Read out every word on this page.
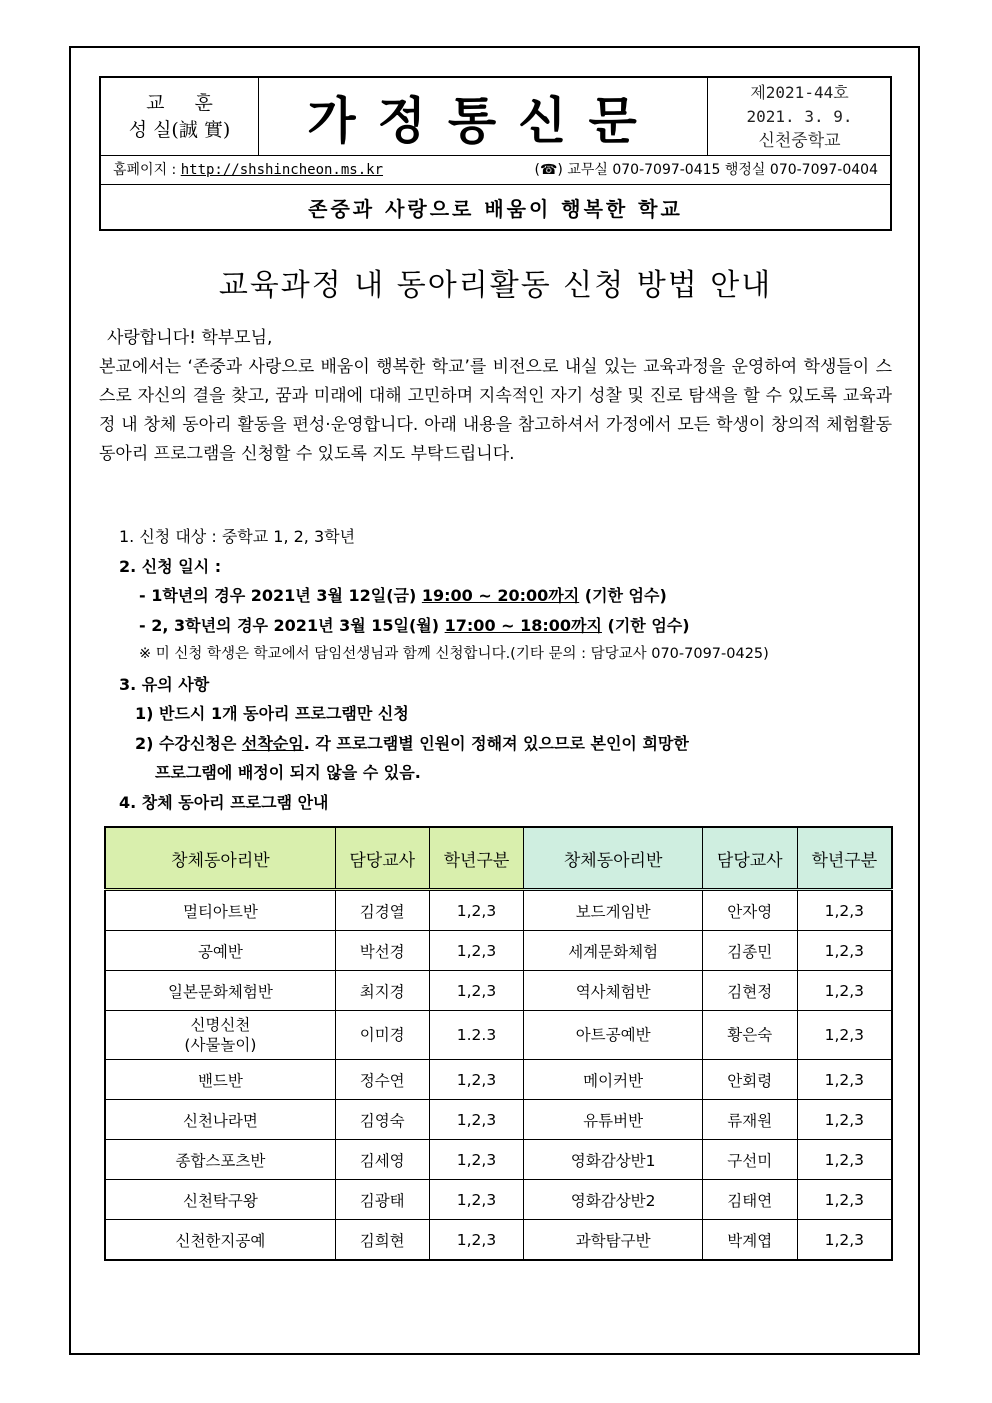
교 훈
성 실(誠 實)	가정통신문	제2021-44호
2021. 3. 9.
신천중학교
홈페이지 : http://shshincheon.ms.kr	(☎) 교무실 070-7097-0415 행정실 070-7097-0404
존중과 사랑으로 배움이 행복한 학교
교육과정 내 동아리활동 신청 방법 안내
사랑합니다! 학부모님,
본교에서는 ‘존중과 사랑으로 배움이 행복한 학교’를 비전으로 내실 있는 교육과정을 운영하여 학생들이 스스로 자신의 결을 찾고, 꿈과 미래에 대해 고민하며 지속적인 자기 성찰 및 진로 탐색을 할 수 있도록 교육과정 내 창체 동아리 활동을 편성·운영합니다. 아래 내용을 참고하셔서 가정에서 모든 학생이 창의적 체험활동 동아리 프로그램을 신청할 수 있도록 지도 부탁드립니다.
1. 신청 대상 : 중학교 1, 2, 3학년
2. 신청 일시 :
- 1학년의 경우 2021년 3월 12일(금) 19:00 ~ 20:00까지 (기한 엄수)
- 2, 3학년의 경우 2021년 3월 15일(월) 17:00 ~ 18:00까지 (기한 엄수)
※ 미 신청 학생은 학교에서 담임선생님과 함께 신청합니다.(기타 문의 : 담당교사 070-7097-0425)
3. 유의 사항
1) 반드시 1개 동아리 프로그램만 신청
2) 수강신청은 선착순임. 각 프로그램별 인원이 정해져 있으므로 본인이 희망한
프로그램에 배정이 되지 않을 수 있음.
4. 창체 동아리 프로그램 안내
창체동아리반	담당교사	학년구분	창체동아리반	담당교사	학년구분
멀티아트반	김경열	1,2,3	보드게임반	안자영	1,2,3
공예반	박선경	1,2,3	세계문화체험	김종민	1,2,3
일본문화체험반	최지경	1,2,3	역사체험반	김현정	1,2,3
신명신천
(사물놀이)	이미경	1.2.3	아트공예반	황은숙	1,2,3
밴드반	정수연	1,2,3	메이커반	안회령	1,2,3
신천나라면	김영숙	1,2,3	유튜버반	류재원	1,2,3
종합스포츠반	김세영	1,2,3	영화감상반1	구선미	1,2,3
신천탁구왕	김광태	1,2,3	영화감상반2	김태연	1,2,3
신천한지공예	김희현	1,2,3	과학탐구반	박계엽	1,2,3
